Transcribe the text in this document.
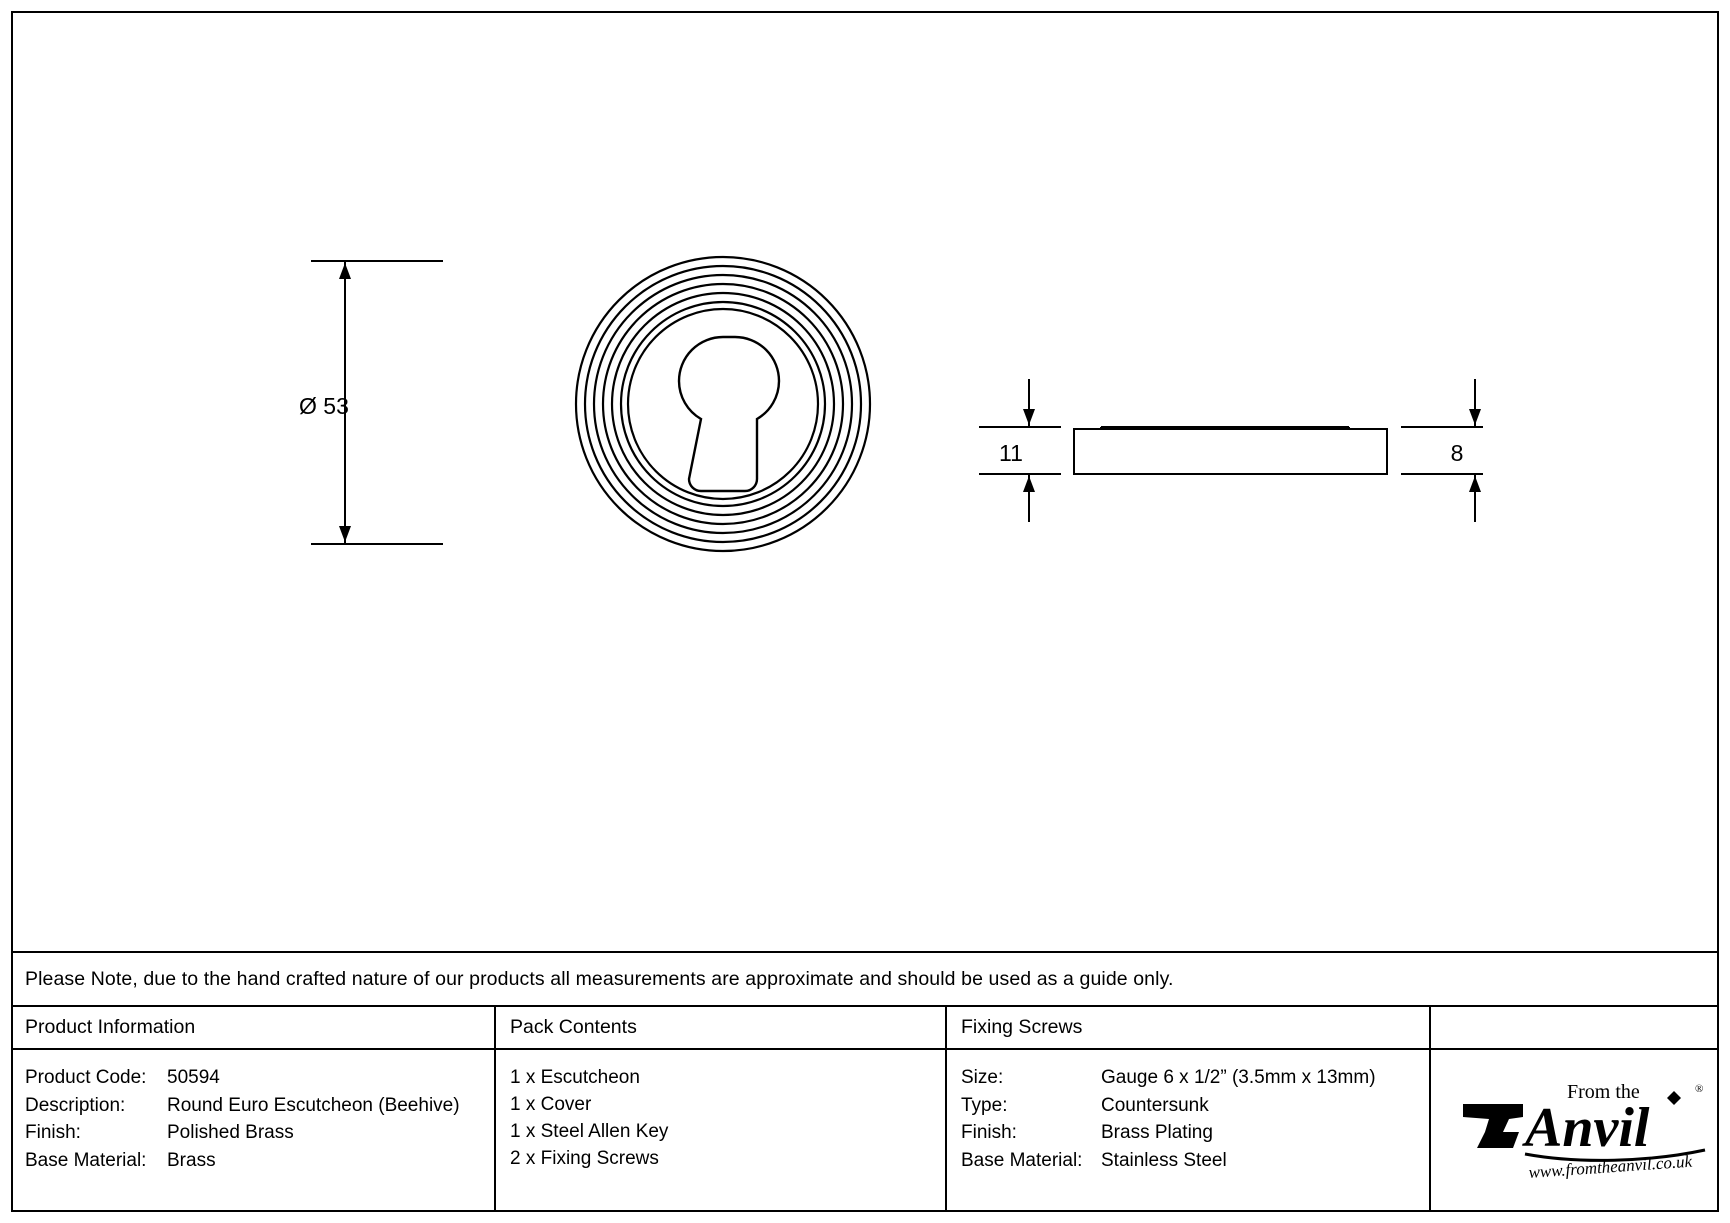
Ø 53
11	8
Please Note, due to the hand crafted nature of our products all measurements are approximate and should be used as a guide only.
Product Information	Pack Contents	Fixing Screws
Product Code:	50594
Description:	Round Euro Escutcheon (Beehive)
Finish:	Polished Brass
Base Material:	Brass
1 x Escutcheon
1 x Cover
1 x Steel Allen Key
2 x Fixing Screws
Size:	Gauge 6 x 1/2” (3.5mm x 13mm)
Type:	Countersunk
Finish:	Brass Plating
Base Material: Stainless Steel
From the	®
Anvil
www.fromtheanvil.co.uk
